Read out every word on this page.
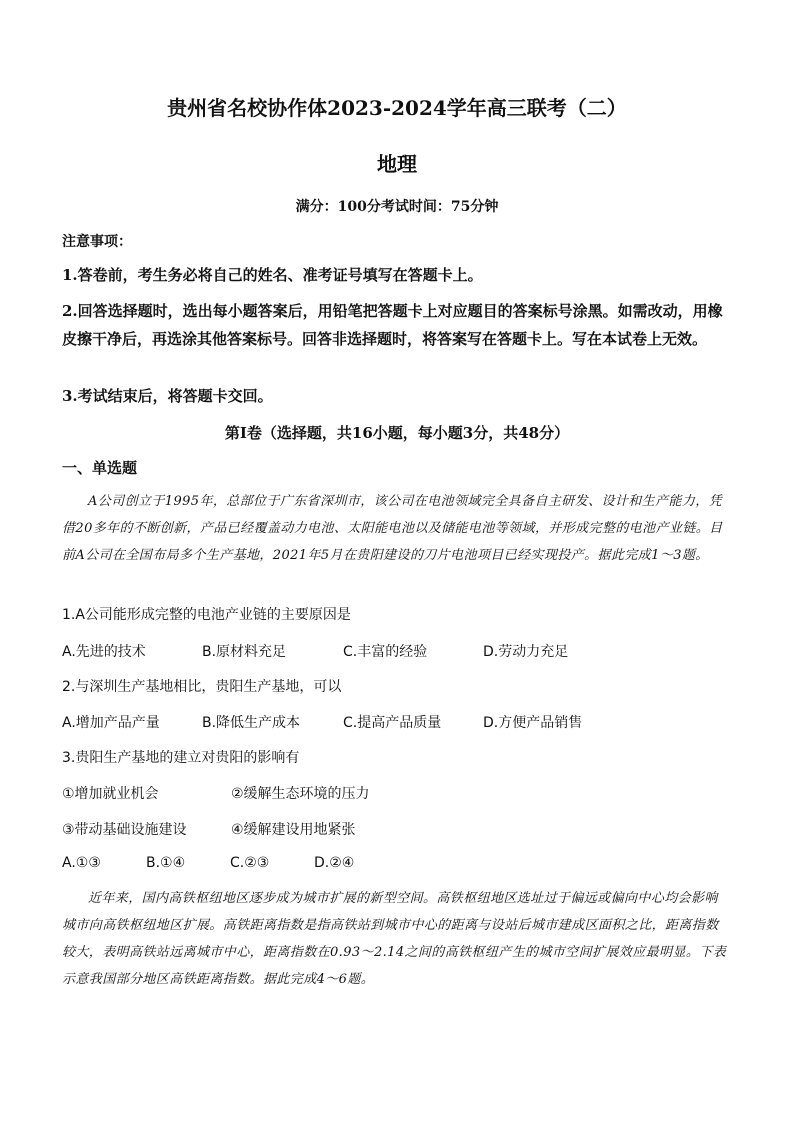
贵州省名校协作体2023-2024学年高三联考（二）
地理
满分：100分考试时间：75分钟
注意事项：
1.答卷前，考生务必将自己的姓名、准考证号填写在答题卡上。
2.回答选择题时，选出每小题答案后，用铅笔把答题卡上对应题目的答案标号涂黑。如需改动，用橡皮擦干净后，再选涂其他答案标号。回答非选择题时，将答案写在答题卡上。写在本试卷上无效。
3.考试结束后，将答题卡交回。
第Ⅰ卷（选择题，共16小题，每小题3分，共48分）
一、单选题
A公司创立于1995年，总部位于广东省深圳市，该公司在电池领域完全具备自主研发、设计和生产能力，凭借20多年的不断创新，产品已经覆盖动力电池、太阳能电池以及储能电池等领域，并形成完整的电池产业链。目前A公司在全国布局多个生产基地，2021年5月在贵阳建设的刀片电池项目已经实现投产。据此完成1～3题。
1.A公司能形成完整的电池产业链的主要原因是
A.先进的技术	B.原材料充足	C.丰富的经验	D.劳动力充足
2.与深圳生产基地相比，贵阳生产基地，可以
A.增加产品产量	B.降低生产成本	C.提高产品质量	D.方便产品销售
3.贵阳生产基地的建立对贵阳的影响有
①增加就业机会	②缓解生态环境的压力
③带动基础设施建设	④缓解建设用地紧张
A.①③	B.①④	C.②③	D.②④
近年来，国内高铁枢纽地区逐步成为城市扩展的新型空间。高铁枢纽地区选址过于偏远或偏向中心均会影响城市向高铁枢纽地区扩展。高铁距离指数是指高铁站到城市中心的距离与设站后城市建成区面积之比，距离指数较大，表明高铁站远离城市中心，距离指数在0.93～2.14之间的高铁枢纽产生的城市空间扩展效应最明显。下表示意我国部分地区高铁距离指数。据此完成4～6题。
